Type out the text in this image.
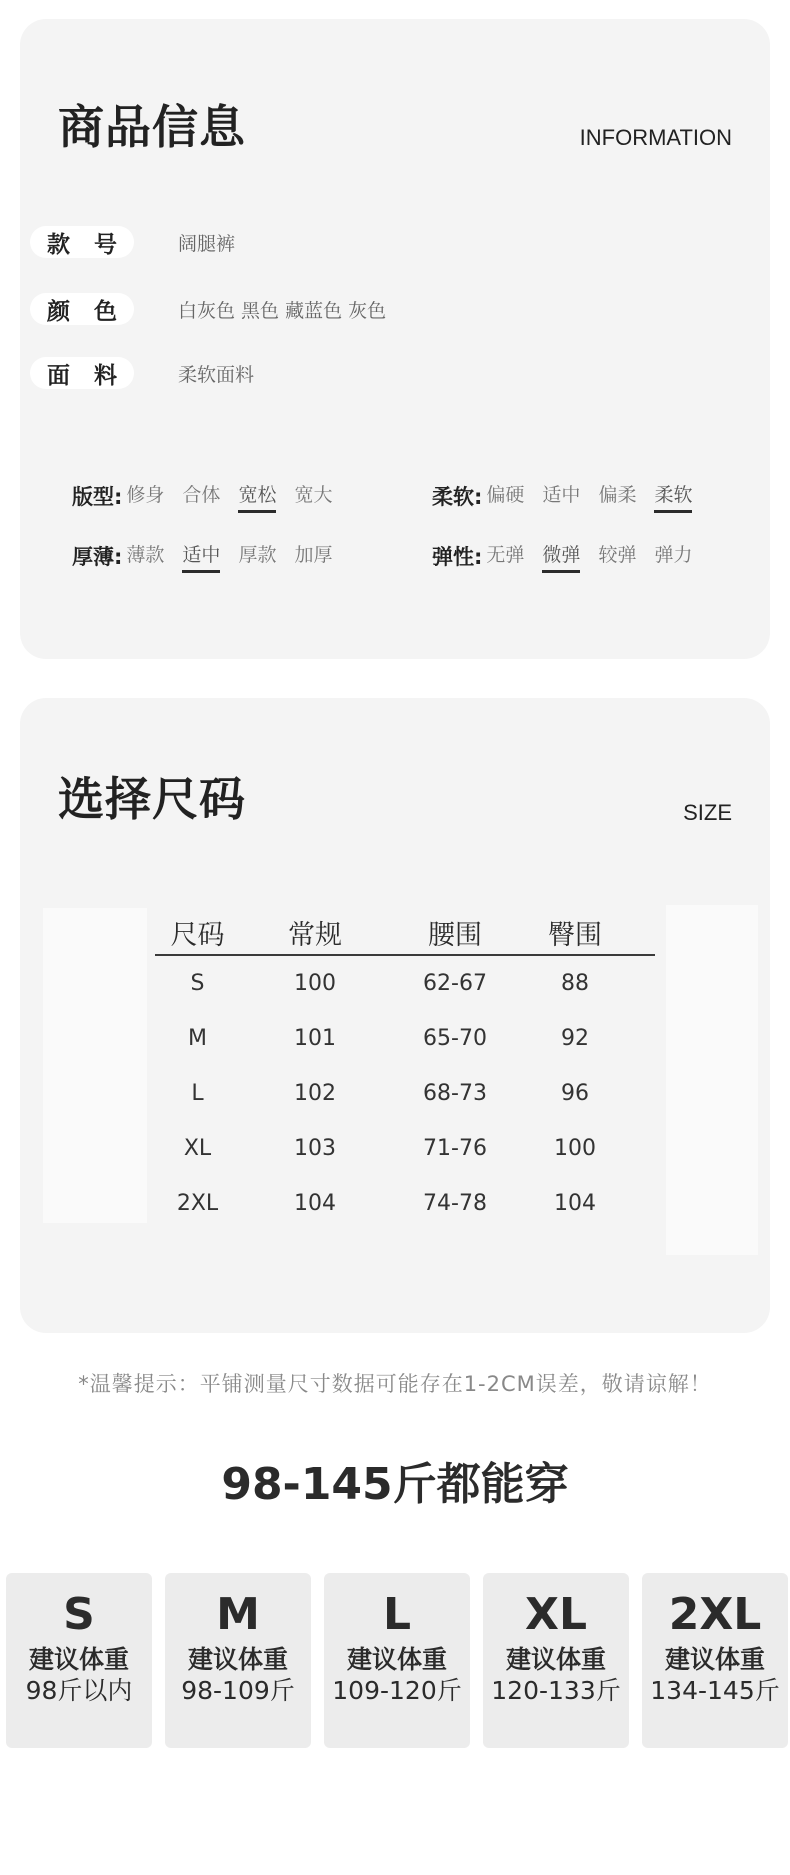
商品信息	INFORMATION
款 号	阔腿裤
颜 色	白灰色 黑色 藏蓝色 灰色
面 料	柔软面料
版型: 修身 合体 宽松 宽大	柔软: 偏硬 适中 偏柔 柔软
厚薄: 薄款 适中 厚款 加厚	弹性: 无弹 微弹 较弹 弹力
选择尺码	SIZE
尺码	常规	腰围	臀围
S	100	62-67	88
M	101	65-70	92
L	102	68-73	96
XL	103	71-76	100
2XL	104	74-78	104
*温馨提示：平铺测量尺寸数据可能存在1-2CM误差，敬请谅解！
98-145斤都能穿
S
建议体重
98斤以内
M
建议体重
98-109斤
L
建议体重
109-120斤
XL
建议体重
120-133斤
2XL
建议体重
134-145斤
